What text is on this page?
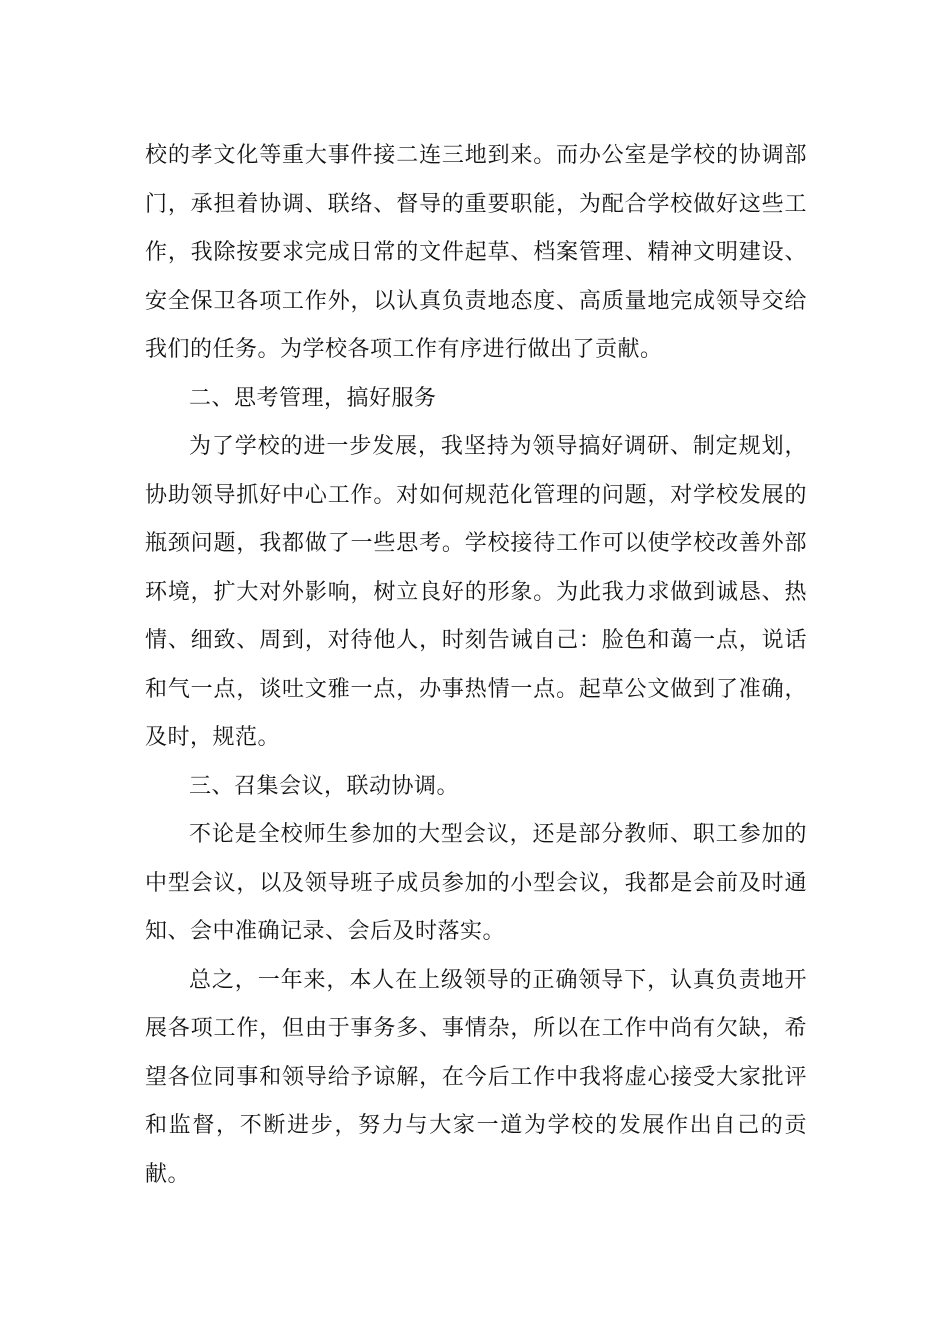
校的孝文化等重大事件接二连三地到来。而办公室是学校的协调部门，承担着协调、联络、督导的重要职能，为配合学校做好这些工作，我除按要求完成日常的文件起草、档案管理、精神文明建设、安全保卫各项工作外，以认真负责地态度、高质量地完成领导交给我们的任务。为学校各项工作有序进行做出了贡献。

二、思考管理，搞好服务

为了学校的进一步发展，我坚持为领导搞好调研、制定规划，协助领导抓好中心工作。对如何规范化管理的问题，对学校发展的瓶颈问题，我都做了一些思考。学校接待工作可以使学校改善外部环境，扩大对外影响，树立良好的形象。为此我力求做到诚恳、热情、细致、周到，对待他人，时刻告诫自己：脸色和蔼一点，说话和气一点，谈吐文雅一点，办事热情一点。起草公文做到了准确，及时，规范。

三、召集会议，联动协调。

不论是全校师生参加的大型会议，还是部分教师、职工参加的中型会议，以及领导班子成员参加的小型会议，我都是会前及时通知、会中准确记录、会后及时落实。

总之，一年来，本人在上级领导的正确领导下，认真负责地开展各项工作，但由于事务多、事情杂，所以在工作中尚有欠缺，希望各位同事和领导给予谅解，在今后工作中我将虚心接受大家批评和监督，不断进步，努力与大家一道为学校的发展作出自己的贡献。
